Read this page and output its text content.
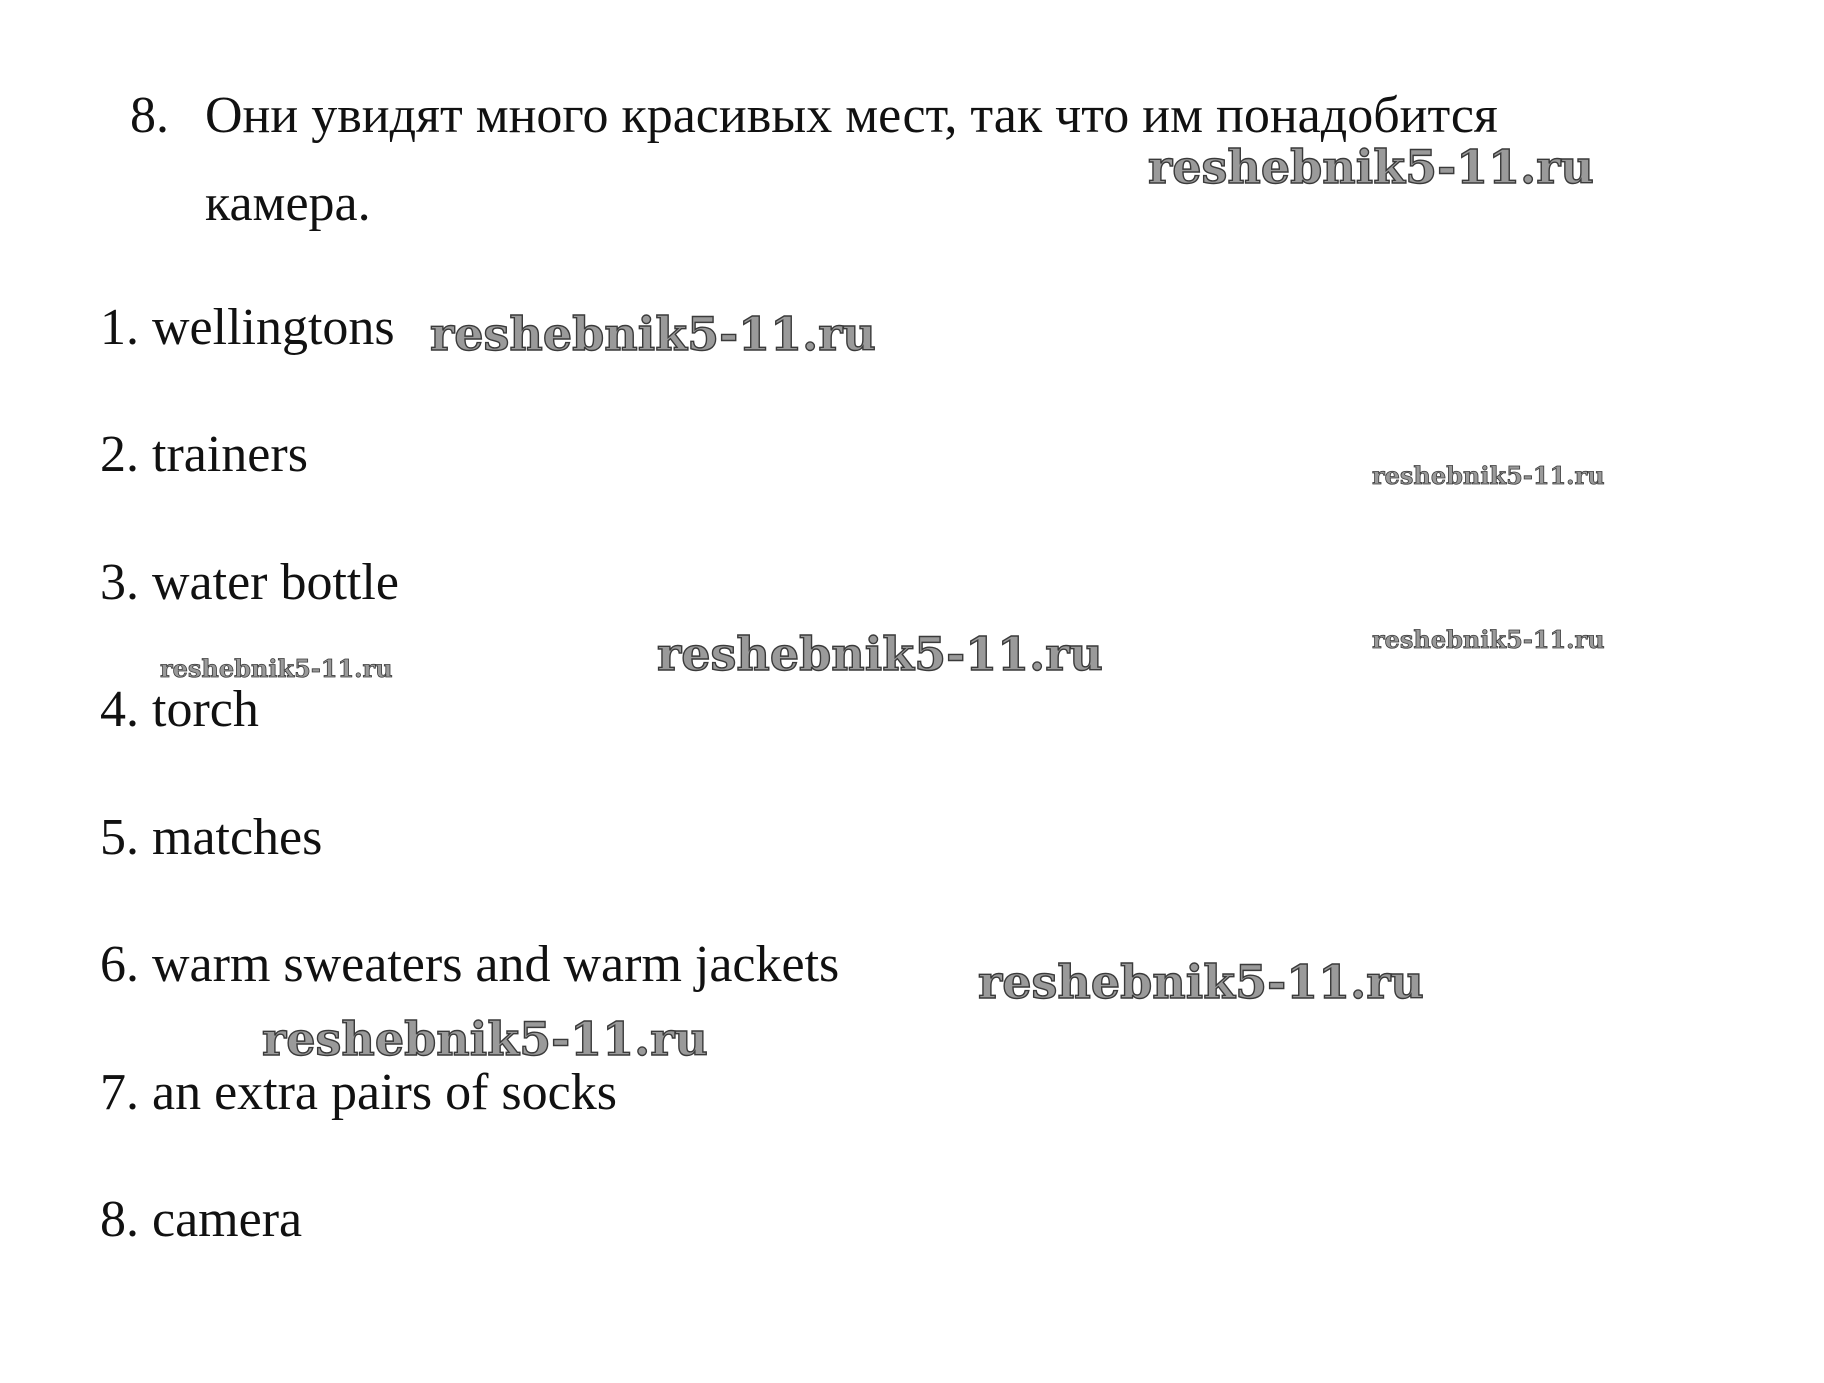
8. Они увидят много красивых мест, так что им понадобится
камера.
1. wellingtons
2. trainers
3. water bottle
4. torch
5. matches
6. warm sweaters and warm jackets
7. an extra pairs of socks
8. camera
reshebnik5-11.ru
reshebnik5-11.ru
reshebnik5-11.ru
reshebnik5-11.ru
reshebnik5-11.ru	reshebnik5-11.ru
reshebnik5-11.ru
reshebnik5-11.ru
